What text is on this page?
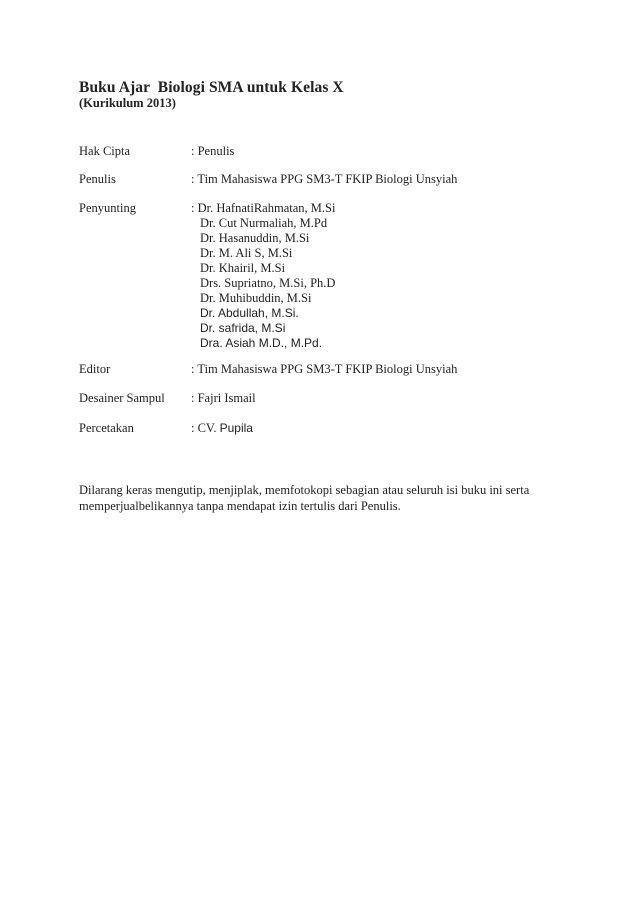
Buku Ajar  Biologi SMA untuk Kelas X

(Kurikulum 2013)

Hak Cipta	: Penulis
Penulis	: Tim Mahasiswa PPG SM3-T FKIP Biologi Unsyiah
Penyunting	: Dr. HafnatiRahmatan, M.Si
Dr. Cut Nurmaliah, M.Pd
Dr. Hasanuddin, M.Si
Dr. M. Ali S, M.Si
Dr. Khairil, M.Si
Drs. Supriatno, M.Si, Ph.D
Dr. Muhibuddin, M.Si
Dr. Abdullah, M.Si.
Dr. safrida, M.Si
Dra. Asiah M.D., M.Pd.
Editor	: Tim Mahasiswa PPG SM3-T FKIP Biologi Unsyiah
Desainer Sampul	: Fajri Ismail
Percetakan	: CV. Pupila

Dilarang keras mengutip, menjiplak, memfotokopi sebagian atau seluruh isi buku ini serta memperjualbelikannya tanpa mendapat izin tertulis dari Penulis.
